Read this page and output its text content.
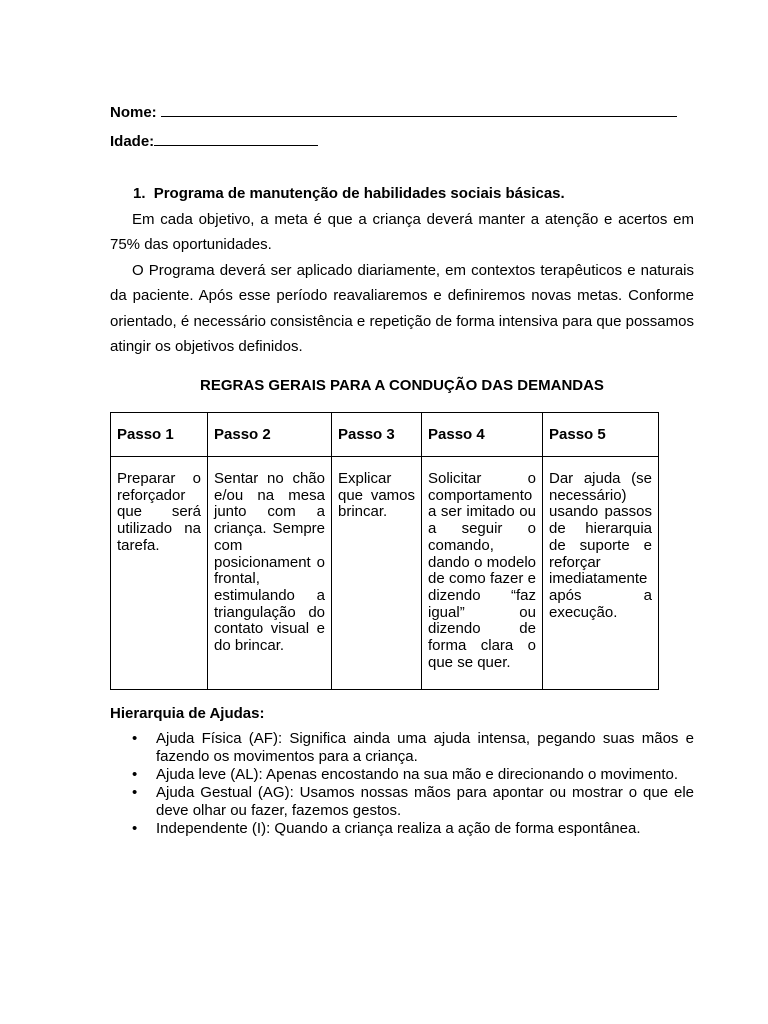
Nome:
Idade:
1. Programa de manutenção de habilidades sociais básicas.
Em cada objetivo, a meta é que a criança deverá manter a atenção e acertos em 75% das oportunidades.
O Programa deverá ser aplicado diariamente, em contextos terapêuticos e naturais da paciente. Após esse período reavaliaremos e definiremos novas metas. Conforme orientado, é necessário consistência e repetição de forma intensiva para que possamos atingir os objetivos definidos.
REGRAS GERAIS PARA A CONDUÇÃO DAS DEMANDAS
Passo 1	Passo 2	Passo 3	Passo 4	Passo 5
Preparar o reforçador que será utilizado na tarefa.	Sentar no chão e/ou na mesa junto com a criança. Sempre com posicionament o frontal, estimulando a triangulação do contato visual e do brincar.	Explicar que vamos brincar.	Solicitar o comportamento a ser imitado ou a seguir o comando, dando o modelo de como fazer e dizendo “faz igual” ou dizendo de forma clara o que se quer.	Dar ajuda (se necessário) usando passos de hierarquia de suporte e reforçar imediatamente após a execução.
Hierarquia de Ajudas:
• Ajuda Física (AF): Significa ainda uma ajuda intensa, pegando suas mãos e fazendo os movimentos para a criança.
• Ajuda leve (AL): Apenas encostando na sua mão e direcionando o movimento.
• Ajuda Gestual (AG): Usamos nossas mãos para apontar ou mostrar o que ele deve olhar ou fazer, fazemos gestos.
• Independente (I): Quando a criança realiza a ação de forma espontânea.
